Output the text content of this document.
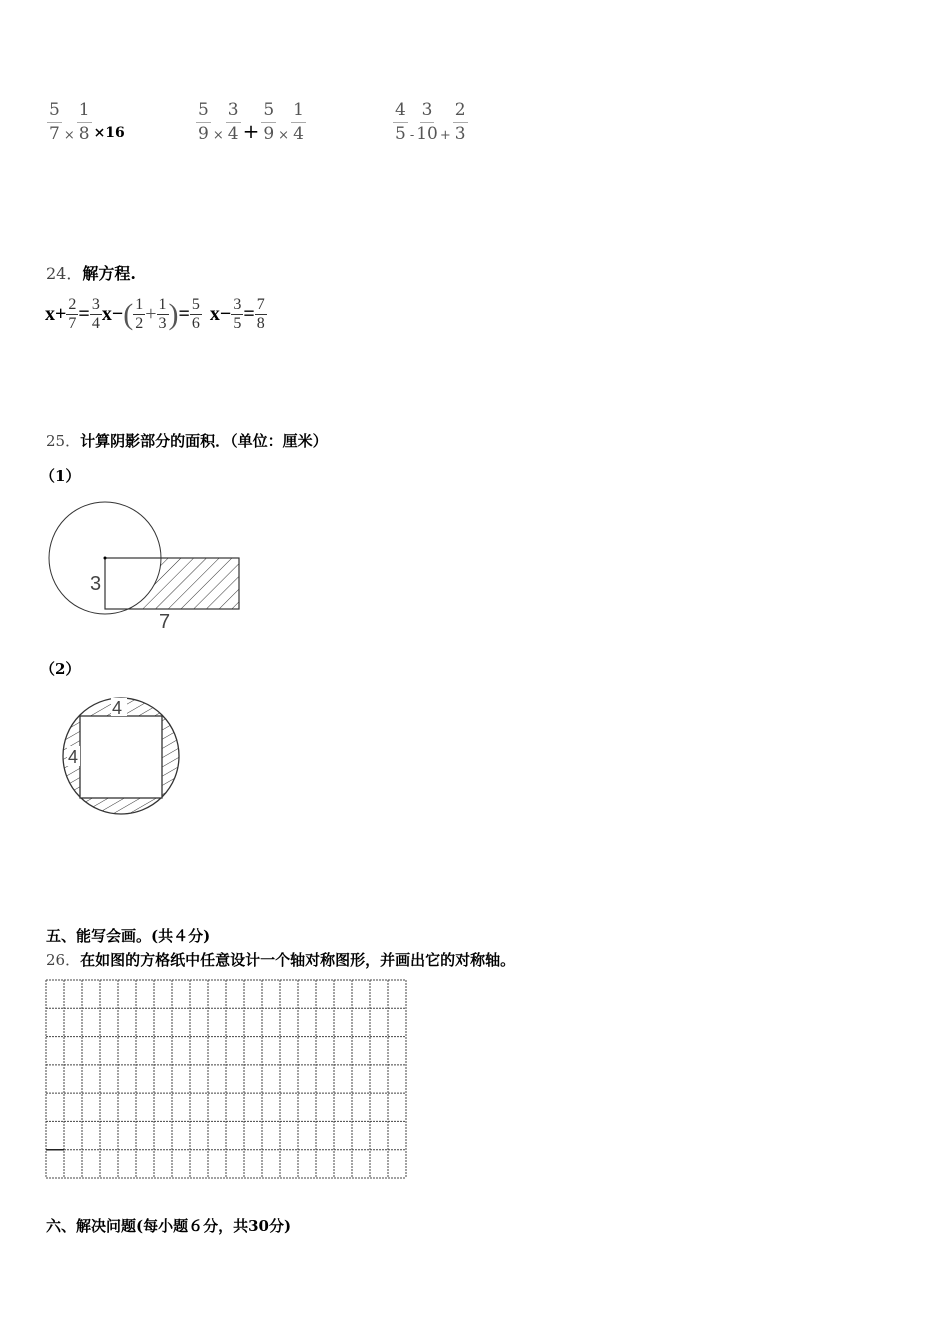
$\frac{5}{7} \times \frac{1}{8} \times 16$	$\frac{5}{9} \times \frac{3}{4} + \frac{5}{9} \times \frac{1}{4}$	$\frac{4}{5} - \frac{3}{10} + \frac{2}{3}$
24．解方程.
$x + \frac{2}{7} = \frac{3}{4}$ x − ( $\frac{1}{2} + \frac{1}{3}$ ) = $\frac{5}{6}$ $x - \frac{3}{5} = \frac{7}{8}$
25．计算阴影部分的面积．（单位：厘米）
（1）
3
7
（2）
4
4
五、能写会画。(共４分)
26．在如图的方格纸中任意设计一个轴对称图形，并画出它的对称轴。
六、解决问题(每小题６分，共30分)
